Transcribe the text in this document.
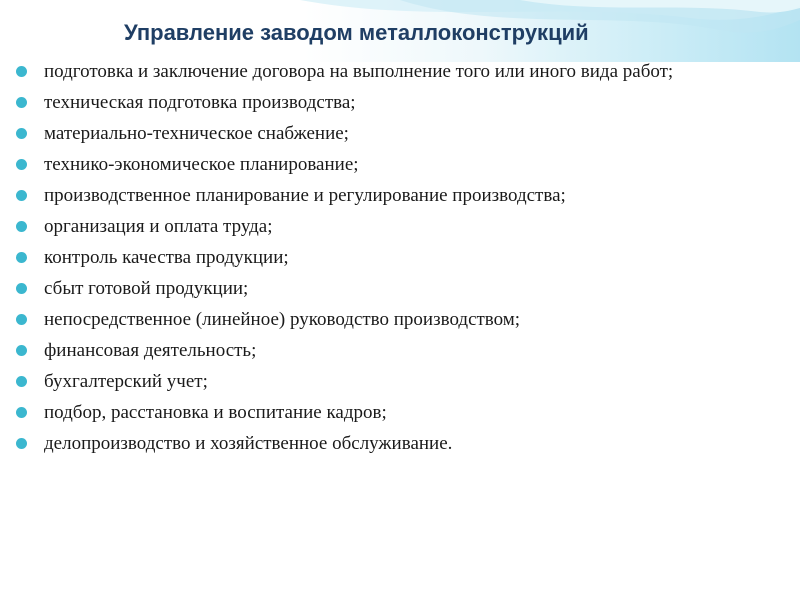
Управление заводом металлоконструкций
подготовка и заключение договора на выполнение того или иного вида работ;
техническая подготовка производства;
материально-техническое снабжение;
технико-экономическое планирование;
производственное планирование и регулирование производства;
организация и оплата труда;
контроль качества продукции;
сбыт готовой продукции;
непосредственное (линейное) руководство производством;
финансовая деятельность;
бухгалтерский учет;
подбор, расстановка и воспитание кадров;
делопроизводство и хозяйственное обслуживание.
